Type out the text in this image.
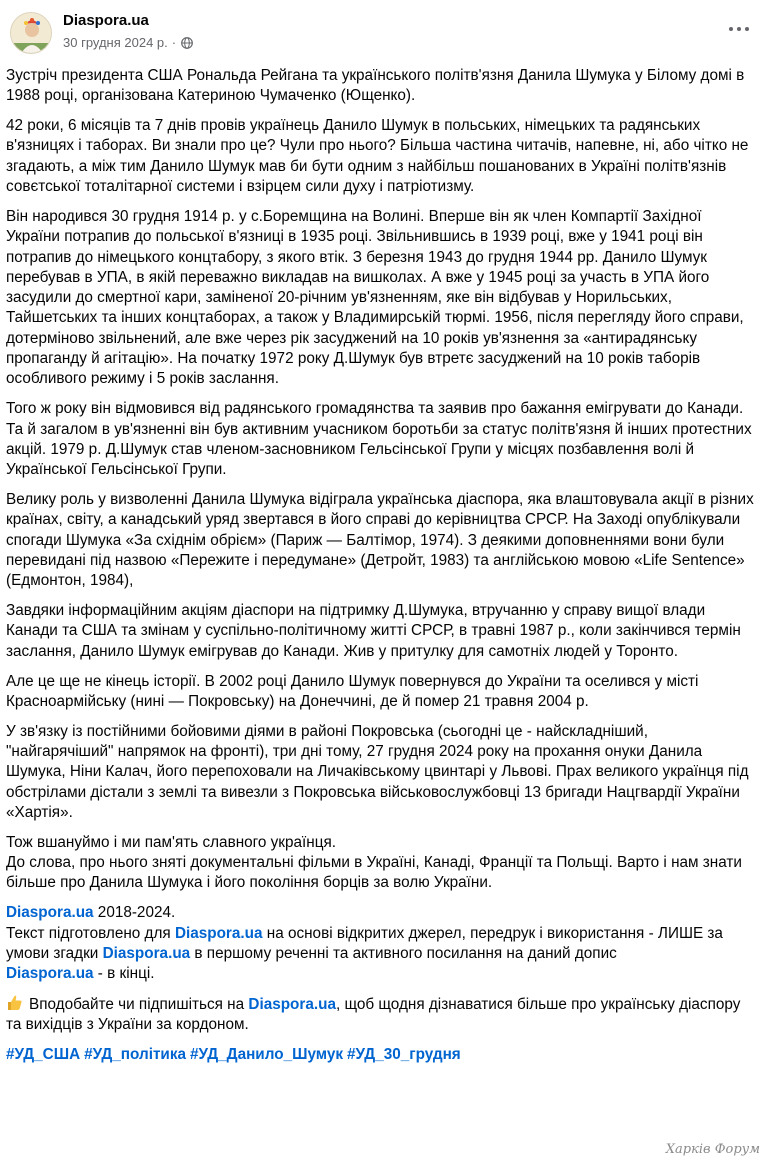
Diaspora.ua
30 грудня 2024 р. ·

Зустріч президента США Рональда Рейгана та українського політв'язня Данила Шумука у Білому домі в 1988 році, організована Катериною Чумаченко (Ющенко).

42 роки, 6 місяців та 7 днів провів українець Данило Шумук в польських, німецьких та радянських в'язницях і таборах. Ви знали про це? Чули про нього? Більша частина читачів, напевне, ні, або чітко не згадають, а між тим Данило Шумук мав би бути одним з найбільш пошанованих в Україні політв'язнів совєтської тоталітарної системи і взірцем сили духу і патріотизму.

Він народився 30 грудня 1914 р. у с.Боремщина на Волині. Вперше він як член Компартії Західної України потрапив до польської в'язниці в 1935 році. Звільнившись в 1939 році, вже у 1941 році він потрапив до німецького концтабору, з якого втік. З березня 1943 до грудня 1944 рр. Данило Шумук перебував в УПА, в якій переважно викладав на вишколах. А вже у 1945 році за участь в УПА його засудили до смертної кари, заміненої 20-річним ув'язненням, яке він відбував у Норильських, Тайшетських та інших концтаборах, а також у Владимирській тюрмі. 1956, після перегляду його справи, дотерміново звільнений, але вже через рік засуджений на 10 років ув'язнення за «антирадянську пропаганду й агітацію». На початку 1972 року Д.Шумук був втретє засуджений на 10 років таборів особливого режиму і 5 років заслання.

Того ж року він відмовився від радянського громадянства та заявив про бажання емігрувати до Канади. Та й загалом в ув'язненні він був активним учасником боротьби за статус політв'язня й інших протестних акцій. 1979 р. Д.Шумук став членом-засновником Гельсінської Групи у місцях позбавлення волі й Української Гельсінської Групи.

Велику роль у визволенні Данила Шумука відіграла українська діаспора, яка влаштовувала акції в різних країнах, світу, а канадський уряд звертався в його справі до керівництва СРСР. На Заході опублікували спогади Шумука «За східнім обрієм» (Париж — Балтімор, 1974). З деякими доповненнями вони були перевидані під назвою «Пережите і передумане» (Детройт, 1983) та англійською мовою «Life Sentence» (Едмонтон, 1984),

Завдяки інформаційним акціям діаспори на підтримку Д.Шумука, втручанню у справу вищої влади Канади та США та змінам у суспільно-політичному житті СРСР, в травні 1987 р., коли закінчився термін заслання, Данило Шумук емігрував до Канади. Жив у притулку для самотніх людей у Торонто.

Але це ще не кінець історії. В 2002 році Данило Шумук повернувся до України та оселився у місті Красноармійську (нині — Покровську) на Донеччині, де й помер 21 травня 2004 р.

У зв'язку із постійними бойовими діями в районі Покровська (сьогодні це - найскладніший, "найгарячіший" напрямок на фронті), три дні тому, 27 грудня 2024 року на прохання онуки Данила Шумука, Ніни Калач, його перепоховали на Личаківському цвинтарі у Львові. Прах великого українця під обстрілами дістали з землі та вивезли з Покровська військовослужбовці 13 бригади Нацгвардії України «Хартія».

Тож вшануймо і ми пам'ять славного українця.
До слова, про нього зняті документальні фільми в Україні, Канаді, Франції та Польщі. Варто і нам знати більше про Данила Шумука і його покоління борців за волю України.

Diaspora.ua 2018-2024.
Текст підготовлено для Diaspora.ua на основі відкритих джерел, передрук і використання - ЛИШЕ за умови згадки Diaspora.ua в першому реченні та активного посилання на даний допис
Diaspora.ua - в кінці.

Вподобайте чи підпишіться на Diaspora.ua, щоб щодня дізнаватися більше про українську діаспору та вихідців з України за кордоном.

#УД_США #УД_політика #УД_Данило_Шумук #УД_30_грудня

Харків Форум
